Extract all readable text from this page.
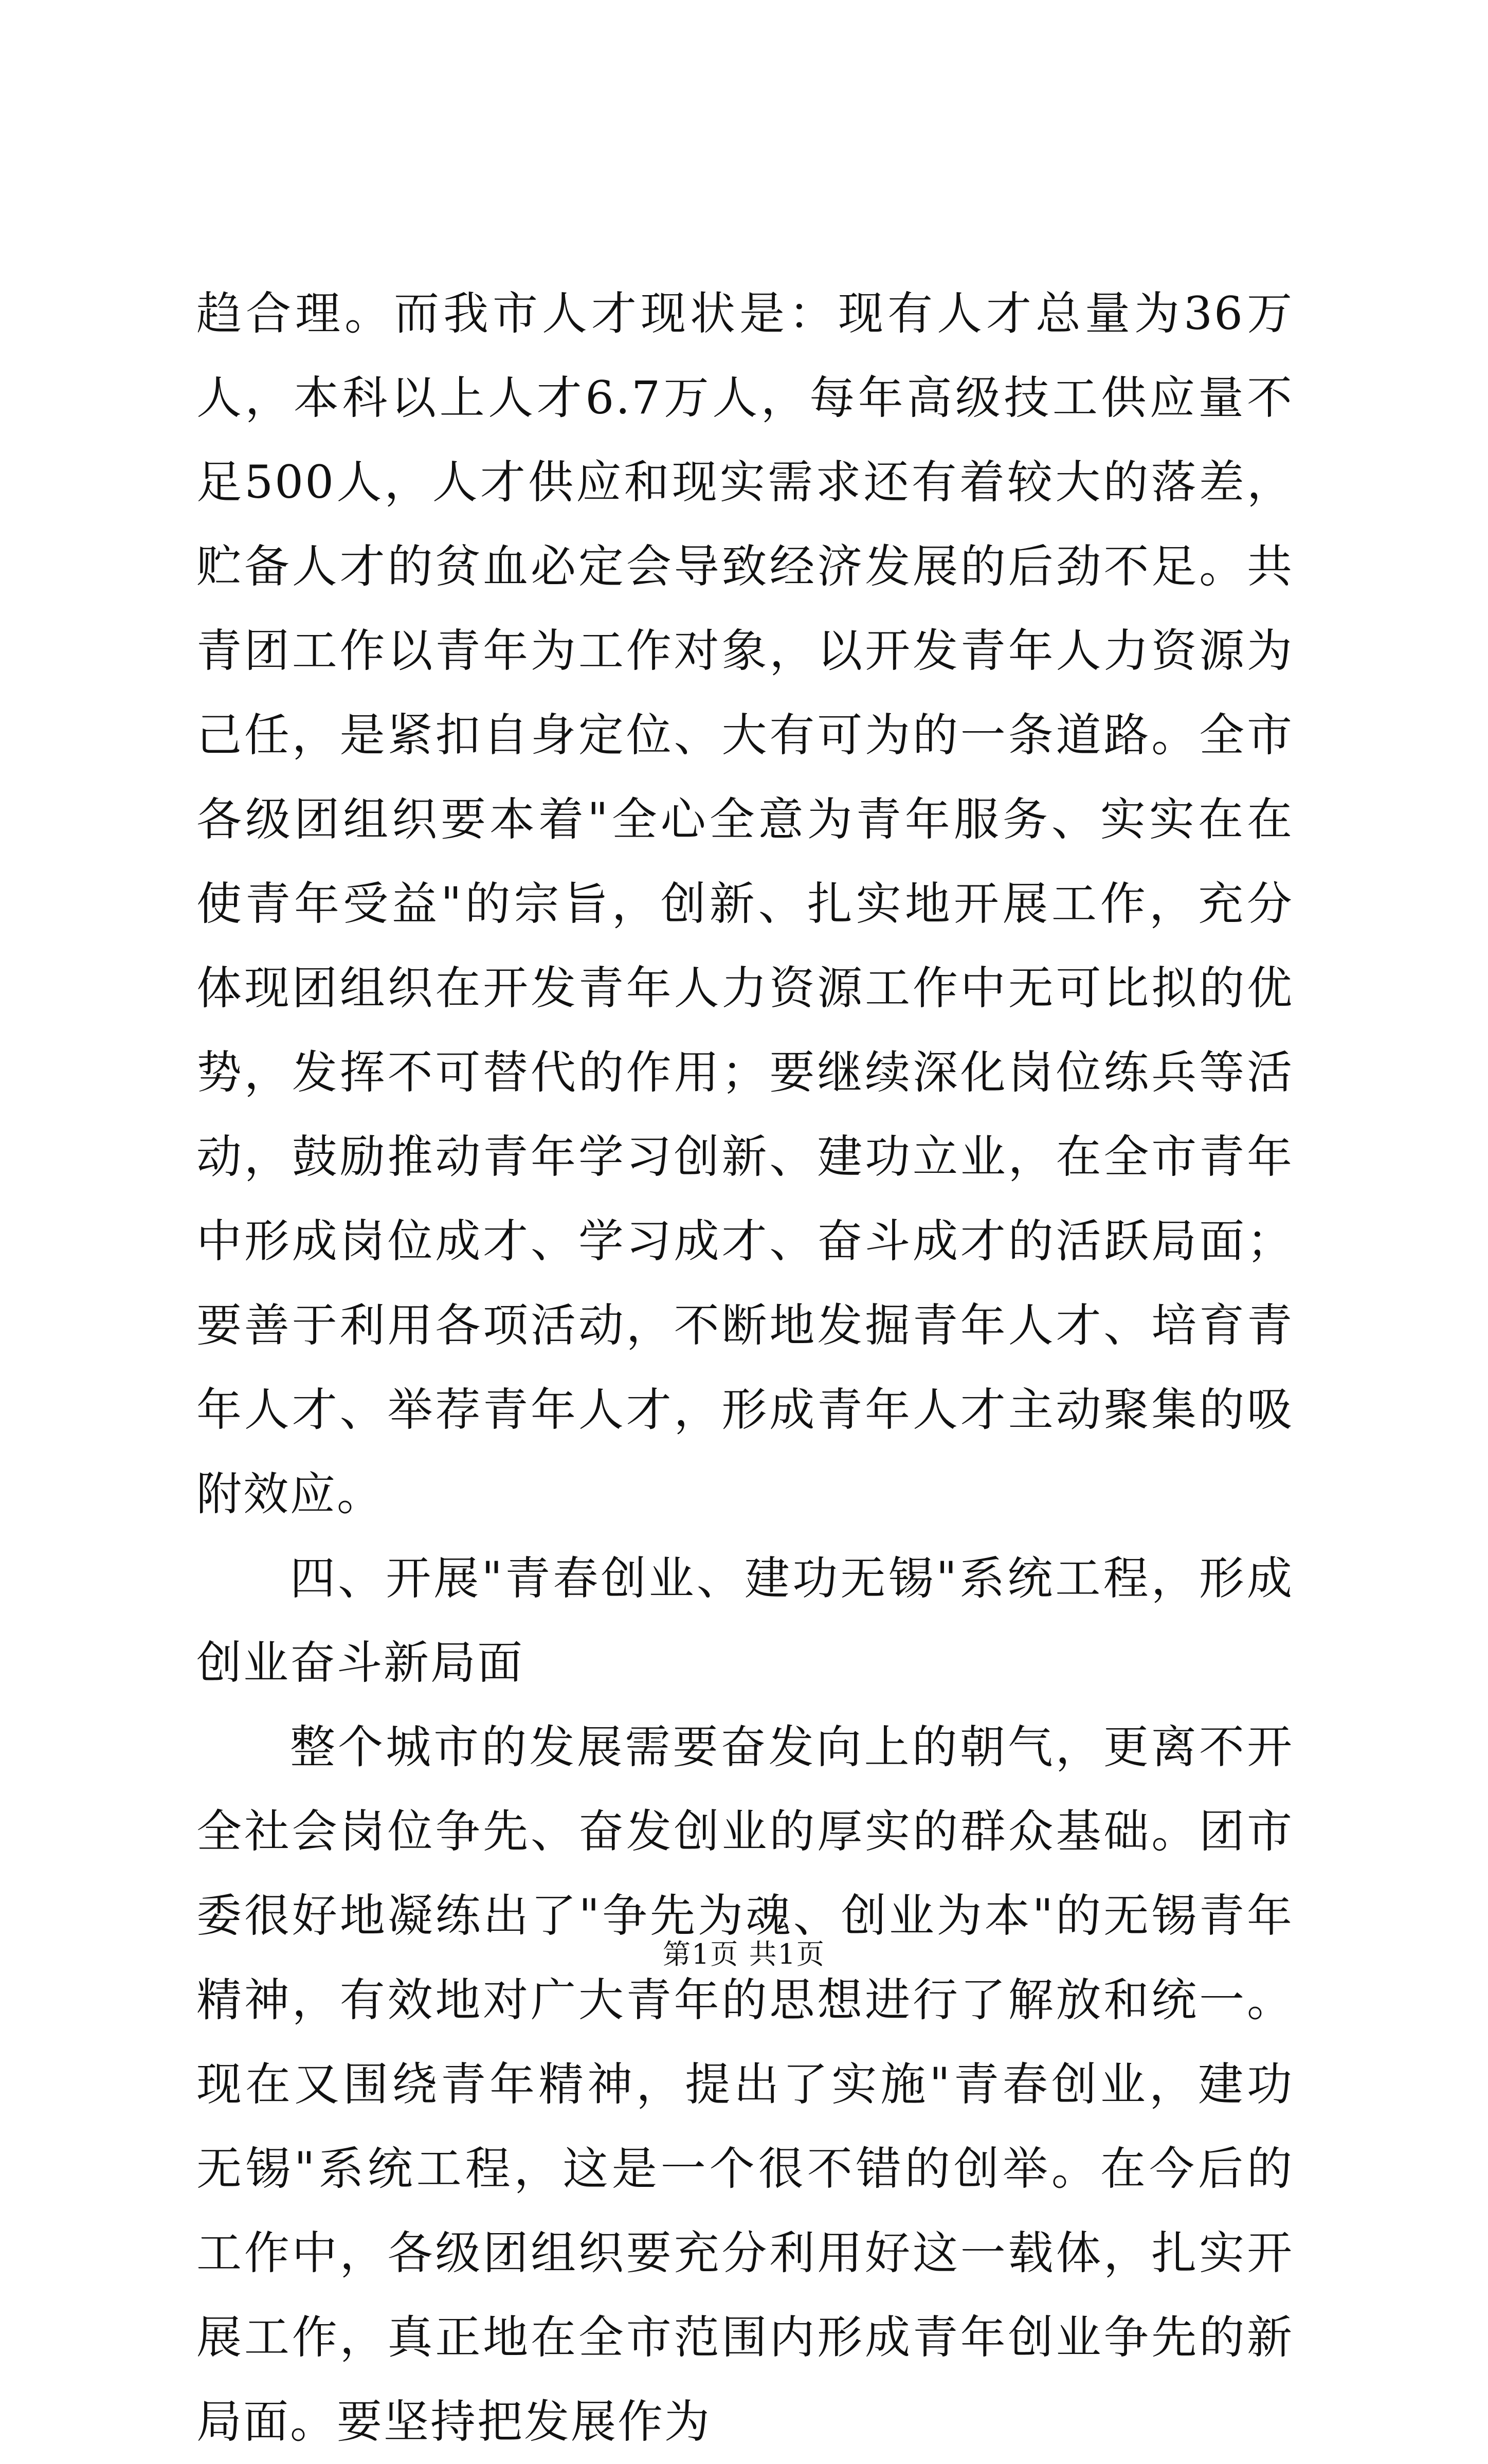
趋合理。而我市人才现状是：现有人才总量为36万人，本科以上人才6.7万人，每年高级技工供应量不足500人，人才供应和现实需求还有着较大的落差，贮备人才的贫血必定会导致经济发展的后劲不足。共青团工作以青年为工作对象，以开发青年人力资源为己任，是紧扣自身定位、大有可为的一条道路。全市各级团组织要本着"全心全意为青年服务、实实在在使青年受益"的宗旨，创新、扎实地开展工作，充分体现团组织在开发青年人力资源工作中无可比拟的优势，发挥不可替代的作用；要继续深化岗位练兵等活动，鼓励推动青年学习创新、建功立业，在全市青年中形成岗位成才、学习成才、奋斗成才的活跃局面；要善于利用各项活动，不断地发掘青年人才、培育青年人才、举荐青年人才，形成青年人才主动聚集的吸附效应。

四、开展"青春创业、建功无锡"系统工程，形成创业奋斗新局面

整个城市的发展需要奋发向上的朝气，更离不开全社会岗位争先、奋发创业的厚实的群众基础。团市委很好地凝练出了"争先为魂、创业为本"的无锡青年精神，有效地对广大青年的思想进行了解放和统一。现在又围绕青年精神，提出了实施"青春创业，建功无锡"系统工程，这是一个很不错的创举。在今后的工作中，各级团组织要充分利用好这一载体，扎实开展工作，真正地在全市范围内形成青年创业争先的新局面。要坚持把发展作为

第1页 共1页
